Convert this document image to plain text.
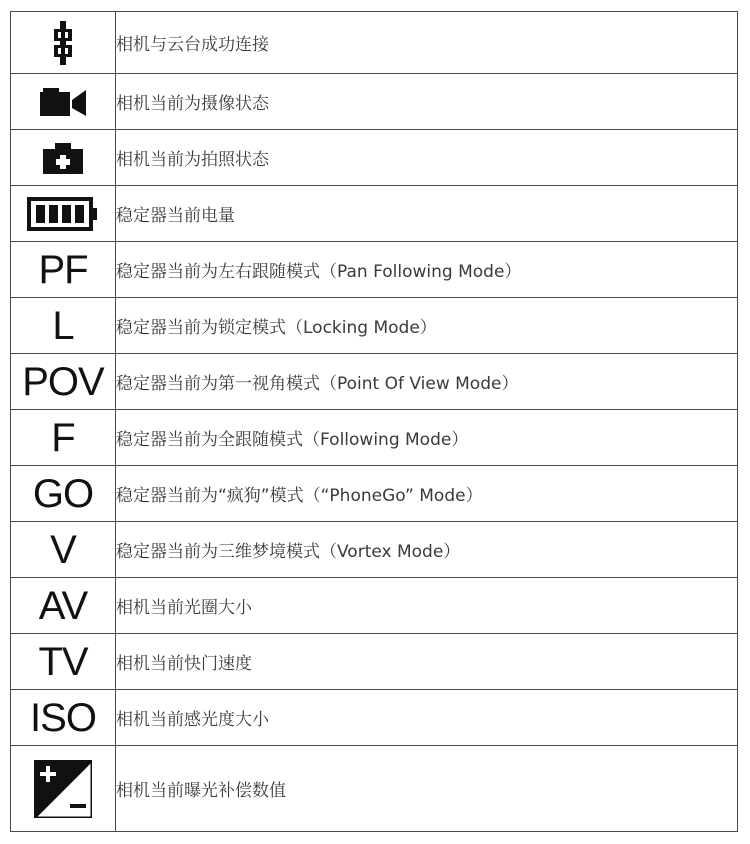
	相机与云台成功连接

	相机当前为摄像状态

	相机当前为拍照状态

	稳定器当前电量
PF	稳定器当前为左右跟随模式（Pan Following Mode）
L	稳定器当前为锁定模式（Locking Mode）
POV	稳定器当前为第一视角模式（Point Of View Mode）
F	稳定器当前为全跟随模式（Following Mode）
GO	稳定器当前为“疯狗”模式（“PhoneGo” Mode）
V	稳定器当前为三维梦境模式（Vortex Mode）
AV	相机当前光圈大小
TV	相机当前快门速度
ISO	相机当前感光度大小

	相机当前曝光补偿数值
